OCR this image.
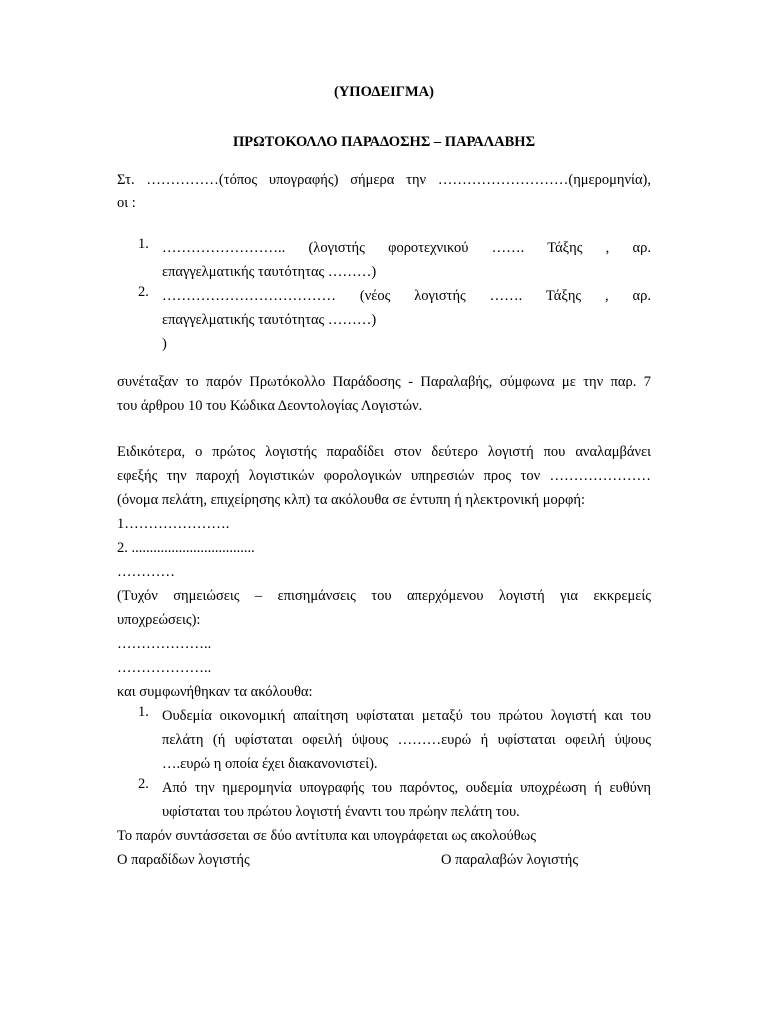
(ΥΠΟΔΕΙΓΜΑ)

ΠΡΩΤΟΚΟΛΛΟ ΠΑΡΑΔΟΣΗΣ – ΠΑΡΑΛΑΒΗΣ

Στ. ……………(τόπος υπογραφής) σήμερα την ………………………(ημερομηνία),

οι :

1. …………………….. (λογιστής φοροτεχνικού ……. Τάξης , αρ.

επαγγελματικής ταυτότητας ………)

2. ……………………………… (νέος λογιστής ……. Τάξης , αρ.

επαγγελματικής ταυτότητας ………)

)

συνέταξαν το παρόν Πρωτόκολλο Παράδοσης - Παραλαβής, σύμφωνα με την παρ. 7

του άρθρου 10 του Κώδικα Δεοντολογίας Λογιστών.

Ειδικότερα, ο πρώτος λογιστής παραδίδει στον δεύτερο λογιστή που αναλαμβάνει

εφεξής την παροχή λογιστικών φορολογικών υπηρεσιών προς τον …………………

(όνομα πελάτη, επιχείρησης κλπ) τα ακόλουθα σε έντυπη ή ηλεκτρονική μορφή:

1………………….

2. ..................................

…………

(Τυχόν σημειώσεις – επισημάνσεις του απερχόμενου λογιστή για εκκρεμείς

υποχρεώσεις):

………………..

………………..

και συμφωνήθηκαν τα ακόλουθα:

1. Ουδεμία οικονομική απαίτηση υφίσταται μεταξύ του πρώτου λογιστή και του

πελάτη (ή υφίσταται οφειλή ύψους ………ευρώ ή υφίσταται οφειλή ύψους

….ευρώ η οποία έχει διακανονιστεί).

2. Από την ημερομηνία υπογραφής του παρόντος, ουδεμία υποχρέωση ή ευθύνη

υφίσταται του πρώτου λογιστή έναντι του πρώην πελάτη του.

Το παρόν συντάσσεται σε δύο αντίτυπα και υπογράφεται ως ακολούθως

Ο παραδίδων λογιστής	Ο παραλαβών λογιστής
